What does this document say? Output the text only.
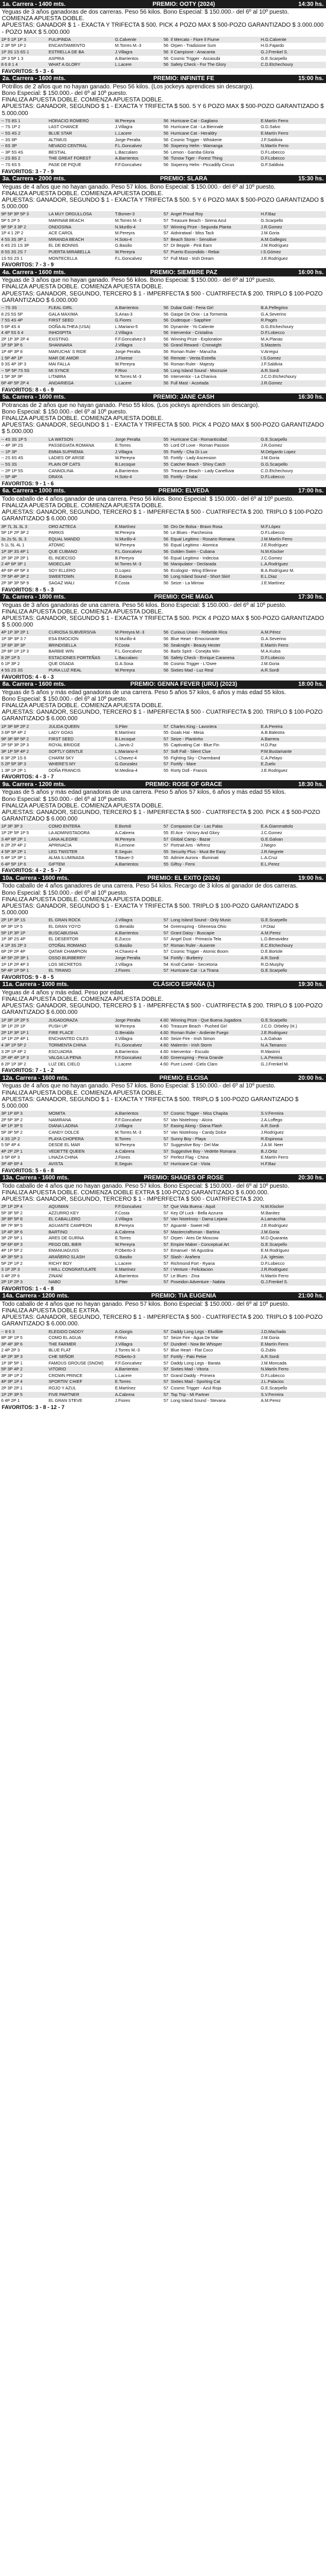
1a. Carrera - 1400 mts.	PREMIO: OOTY (2024)	14:30 hs.

Yeguas de 3 años ganadoras de dos carreras. Peso 56 kilos. Bono Especial: $ 150.000.- del 6º al 10º puesto.

COMIENZA APUESTA DOBLE.

APUESTAS: GANADOR $ 1 - EXACTA Y TRIFECTA $ 500. PICK 4 POZO MAX $ 500-POZO GARANTIZADO $ 3.000.000 - POZO MAX $ 5.000.000

1P 5 1P 1P 3	FULIPINDA	G.Calvente	56 Il Mercato - Fiore Il Fiume	H.G.Calvente
2 3P 5P 1P 2	ENCANTAMIENTO	M.Torres M.-3	56 Orpen - Tradizione Sum	H.G.Fajardo
1P 3S 1S 6S 1	ESTRELLA DE BA	J.Villagra	56 Il Campione - Anacanta	G.J.Frenkel S.
2P 3 5P 1 3	ASPRIA	A.Barrientos	56 Cosmic Trigger - Ascasubi	G.E.Scarpello
8 6 8 1 4	WHAT A GLORY	L.Lacere	56 Safety Check - For The Glory	C.D.Etchechoury
FAVORITOS: 5 - 3 - 6
2a. Carrera - 1600 mts.	PREMIO: INFINITE FE	15:00 hs.

Potrillos de 2 años que no hayan ganado. Peso 56 kilos. (Los jockeys aprendices sin descargo).

Bono Especial: $ 150.000.- del 6º al 10º puesto.

FINALIZA APUESTA DOBLE. COMIENZA APUESTA DOBLE.

APUESTAS: GANADOR, SEGUNDO $ 1 - EXACTA Y TRIFECTA $ 500. 5 Y 6 POZO MAX $ 500-POZO GARANTIZADO $ 5.000.000

-- 7S 8S 1	HORACIO ROMERO	W.Pereyra	56 Hurricane Cat - Gagliano	E.Martín Ferro
-- 7S 1P 2	LAST CHANCE	J.Villagra	56 Hurricane Cat - La Biennale	G.D.Salvo
-- 5S 4S 2	BLUE STAR	L.Lacere	56 Hurricane Cat - Heraldry	E.Martín Ferro
-- 3S 6P	ALTIMUS	Jorge Peralta	56 Cosmic Trigger - Whiskerie	J.F.Saldivia
-- 6S 3P	NEVADO CENTRAL	F.L.Goncalvez	56 Sixpenny Helm - Warnanga	N.Martín Ferro
-- 3P 5S 4S	BESTIAL	L.Baccalaro	56 Lemon - Gamba Gloria	D.F.Lobecco
-- 2S 8S 2	THE GREAT FOREST	A.Barrientos	56 Tiznow Tiger - Forest Thing	D.F.Lobecco
-- 7S 6S 5	PASE DE PIQUE	F.F.Goncalvez	56 Sixpenny Helm - Piccadilly Circus	G.F.Saldivia
FAVORITOS: 3 - 7 - 9
3a. Carrera - 2000 mts.	PREMIO: SLARA	15:30 hs.

Yeguas de 4 años que no hayan ganado. Peso 57 kilos. Bono Especial: $ 150.000.- del 6º al 10º puesto.

FINALIZA APUESTA DOBLE. COMIENZA APUESTA DOBLE.

APUESTAS: GANADOR, SEGUNDO $ 1 - EXACTA Y TRIFECTA $ 500. 5 Y 6 POZO MAX $ 500-POZO GARANTIZADO $ 5.000.000

9P 5P 9P 5P 3	LA MUY ORGULLOSA	T.Bomer-3	57 Angel Proud Roy	H.F.Baz
5P 5 2P 5	MARINAB BEACH	M.Torres M.-3	57 Treasure Beach - Sirena Azul	G.Scarpello
9P 5P 3 3P 2	ONDOSINA	N.Murillo-4	57 Winning Prize - Segunda Planta	J.R.Gomez
1P 4 1 2P 2	ACE CAROL	M.Pereyra	57 Aidniratwal - Miss Tack	J.M.Goria
4 5S 3S 3P 1	MIRANDA BEACH	H.Soto-4	57 Beach Storm - Sensitive	A.M.Gallegos
6 4S 2S 1S 3P	EL DE BONNIS	G.Basilio	57 Dr Bepple - Pink Earn	J.M.Rodríguez
8 5S 3S 2S 7	PUERTA MIRABELLA	W.Pereyra	57 Puerto Escondido - Rebai	I.S.Gómez
1S 5S 2S 1	MONTECELLA	F.L.Goncalvez	57 Full Mast - Irish Dream	J.E.Rodríguez
FAVORITOS: 7 - 3 - 9
4a. Carrera - 1600 mts.	PREMIO: SIEMBRE PAZ	16:00 hs.

Yeguas de 3 años que no hayan ganado. Peso 56 kilos. Bono Especial: $ 150.000.- del 6º al 10º puesto.

FINALIZA APUESTA DOBLE. COMIENZA APUESTA DOBLE.

APUESTAS: GANADOR, SEGUNDO, TERCERO $ 1 - IMPERFECTA $ 500 - CUATRIFECTA $ 200. TRIPLO $ 100-POZO GARANTIZADO $ 6.000.000

-- 7S 3S	FLEAL GIRL	A.Barrientos	56 Dubai Gold - Feria Girl	B.A.Pellegrino
8 2S 5S 5P	GALA MAXIMA	S.Arias-3	56 Gaspe De Onix - La Tormenta	G.A.Severino
7 5S 4S 4P	FIRST SEED	G.Fiores	56 Dudesque - Sapphire	R.Pagés
5 6P 4S 4	DOÑA ALTHEA (USA)	L.Mariano-5	56 Dynamite - Yo Caliente	G.G.Etchechoury
4 4P 5S 6 4	INHOSPITA	J.Villagra	56 Interventor - Cristalina	D.F.Lobecco
2P 1P 3P 2P 4	EXISTING	F.F.Goncalvez-3	56 Winning Prize - Exploration	M.A.Planas
1P 5P 3P 6	SHANNARA	J.Villagra	56 Grand Reward - Cronwight	S.Masteris
1P 4P 3P 8	MARUCHA' S RIDE	Jorge Peralta	56 Roman Ruler - Marucha	V.Arregui
1 5P 4P 1P	MAR DE AMOR	J.Fiorese	56 Remote - Venta Estrella	I.S.Gomez
9 3S 4P 3P 3	MAI FALLA	W.Pereyra	56 Roman Ruler - Majesty	J.F.Saldivia
-- 5P 5P 7S 5S	MI SYNCE	F.Rivo	56 Long Island Sound - Mocrozie	A.R.Sordi
1 5P 3P 3P	LITABRA	M.Torres M.-3	56 Interventor - La Chaniva	J.C.D.Etchechoury
6P 4P 5P 2P 4	ANDARIEGA	L.Lacere	56 Full Mast - Acortada	J.R.Gomez
FAVORITOS: 8 - 6 - 9
5a. Carrera - 1600 mts.	PREMIO: JANE CASH	16:30 hs.

Potrancas de 2 años que no hayan ganado. Peso 55 kilos. (Los jockeys aprendices sin descargo).

Bono Especial: $ 150.000.- del 6º al 10º puesto.

FINALIZA APUESTA DOBLE. COMIENZA APUESTA DOBLE.

APUESTAS: GANADOR, SEGUNDO $ 1 - EXACTA Y TRIFECTA $ 500. PICK 4 POZO MAX $ 500-POZO GARANTIZADO $ 5.000.000

-- 4S 3S 1P 5	LA WATSON	Jorge Peralta	55 Hurricane Cat - Romanticidad	G.E.Scarpello
-- 4P 3P 2S	PASSEGIATA ROMANA	E.Torres	55 Lord Of Love - Roman Passion	J.R.Gomez
-- 1P 3P	EMMA SUPREMA	J.Villagra	55 Fortify - Cha Di Lux	M.Delgardo Lopez
-- 2S 6S 4S	LADIES OF ARISE	W.Pereyra	55 Fortify - Lady Ascension	J.M.Goria
-- 5S 3S	PLAIN OF CATS	B.Lecoque	55 Catcher Beach - Shiny Catch	G.G.Scarpello
-- 2P 1P 5S	CANNOLINA	A.Barrientos	55 Treasure Beach - Lady Canelluva	C.D.Etchechoury
-- 5P 4P	DRAYA	H.Soto-4	55 Fortify - Dralai	D.F.Lobecco
FAVORITOS: 9 - 1 - 6
6a. Carrera - 1000 mts.	PREMIO: ELVEDA	17:00 hs.

Todo caballo de 4 años ganador de una carrera. Peso 56 kilos. Bono Especial: $ 150.000.- del 6º al 10º puesto.

FINALIZA APUESTA DOBLE. COMIENZA APUESTA DOBLE.

APUESTAS: GANADOR, SEGUNDO, TERCERO $ 1 - IMPERFECTA $ 500 - CUATRIFECTA $ 200. TRIPLO $ 100-POZO GARANTIZADO $ 6.000.000

3P 7L 3L 3L 3	ORO AZTECA	E.Martínez	56 Oro De Bolsa - Bravo Rosa	M.F.López
5P 1P 2P 3P 2	PARKIS	W.Pereyra	56 Le Blues - Parchesina	D.F.Lobecco
3s 2s 5L 3L 3	EQUAL MANDO	N.Murillo-4	56 Equal Legitimo - Rosario Romana	J.M.Martín Ferro
5 1L 5L 4L 1	ATOMIC	W.Pereyra	56 Equal Legitimo - Atomica	J.E.Rodríguez
1P 3P 3S 4P 1	QUE CUBANO	F.L.Goncalvez	56 Golden Swim - Cubana	N.M.Klocker
2P 3P 2P 2P 1	EL INDECISO	B.Pereyra	56 Equal Legitimo - Indecisa	J.C.Gomez
2 4P 6P 3P 1	MIDECLAR	M.Torres M.-3	56 Manipulator - Declarada	L.A.Rodríguez
4P 6P 4P 5P 3	SOY ELLERO	D.Lopez	56 Ecologist - Wing Ellerine	B.A.Rodríguez M.
7P 5P 4P 3P 2	SWEETOWN	E.Gaona	56 Long Island Sound - Short Skirt	E.L.Diaz
2P 3P 3P 5P 9	SAGAZ WALI	F.Costa	56 Seize - La Mirrow	J.E.Martínez
FAVORITOS: 8 - 5 - 3
7a. Carrera - 1800 mts.	PREMIO: CHE MAGA	17:30 hs.

Yeguas de 3 años ganadoras de una carrera. Peso 56 kilos. Bono Especial: $ 150.000.- del 6º al 10º puesto.

FINALIZA APUESTA DOBLE. COMIENZA APUESTA DOBLE.

APUESTAS: GANADOR, SEGUNDO $ 1 - EXACTA Y TRIFECTA $ 500. PICK 4 POZO MAX $ 500-POZO GARANTIZADO $ 5.000.000

4P 1P 3P 2P 1	CURIOSA SUBVERSIVA	M.Pereyra M.-3	56 Curious Union - Rebelde Rica	A.M.Pérez
1P 3P 3P 3 7	ESA EMOCION	N.Murillo-4	56 Blue Heart - Emocionante	G.A.Severino
1P 6P 3P 3P	BRINDISELLA	F.Costa	56 Seaknight - Beauty Hester	E.Martín Ferro
2P 8P 1P 1P 3	BARBIE WIN	F.L.Goncalvez	56 Barbi Spirit - Conejita Win	M.A.Kuloa
8 2P 1P 5	ESTACIONES PORTEÑAS	L.Baccalaro	56 Safety Check - Enrique Caranena	D.F.Lobecco
6 1P 3P 2	QUE OSADA	G.A.Sosa	56 Cosmic Trigger - L'Osee	J.M.Goria
4 5S 2S 3S	PURA LUZ REAL	W.Pereyra	56 Sixties Mad - Luz Real	A.R.Sordi
FAVORITOS: 4 - 6 - 3
8a. Carrera - 1600 mts.	PREMIO: GENNA FEVER (URU) (2023)	18:00 hs.

Yeguas de 5 años y más edad ganadoras de una carrera. Peso 5 años 57 kilos, 6 años y más edad 55 kilos.

Bono Especial: $ 150.000.- del 6º al 10º puesto.

FINALIZA APUESTA DOBLE. COMIENZA APUESTA DOBLE.

APUESTAS: GANADOR, SEGUNDO, TERCERO $ 1 - IMPERFECTA $ 500 - CUATRIFECTA $ 200. TRIPLO $ 100-POZO GARANTIZADO $ 6.000.000

1P 3P 6P 2P 2	JULIDA QUEEN	S.Piter	57 Charles King - Lavoriera	E.A.Pereira
3 6P 5P 4P 2	LADY GOAS	E.Martínez	55 Goals Hat - Mesa	A.B.Balestra
9P 3P 9P 5P 2	FIRST SEED	B.Lecoque	57 Seize - Plantinho	A.Barrera
2P 5P 3P 2P 3	ROYAL BRIDGE	L.Jarvis-2	55 Captivating Cat - Blue Fin	H.D.Paz
3P 1P 5P 4P 2	SOFTLY GENTLE	L.Mariano-4	57 Soft Fall - Silent Clue	P.M.Bustamante
8 3P 2P 1S 6	CHARM SKY	L.Chavez-4	55 Fighting Sky - Charmband	C.A.Pelayo
5 2P 5P 3P 3	WHERE'S MY	G.Gonzalez	57 Fortify - Mare	E.Zuelo
1 3P 1P 2P 1	DOÑA FRANCIS	M.Medina-4	55 Rorty Doll - Francis	J.E.Rodriguez
FAVORITOS: 4 - 3 - 7
9a. Carrera - 1200 mts.	PREMIO: ROSE OF GRACE	18:30 hs.

Yeguas de 5 años y más edad ganadoras de una carrera. Peso 5 años 57 kilos, 6 años y más edad 55 kilos.

Bono Especial: $ 150.000.- del 6º al 10º puesto.

FINALIZA APUESTA DOBLE. COMIENZA APUESTA DOBLE.

APUESTAS: GANADOR, SEGUNDO, TERCERO $ 1 - IMPERFECTA $ 500 - CUATRIFECTA $ 200. PICK 4 $ 500-POZO GARANTIZADO $ 6.000.000

1P 3P 3P 3	COMO ENTERA	E.Bortoli	57 Compasion Car - Las Palas	E.A.Giammattolo
1P 2P 5P 1P 5	LA ADMINISTADORA	A.Cabrera	55 El Ace - Victory And Glory	J.C.Gomez
3 4P 6P 2P 1	LANA ALEGRE	W.Pereyra	57 Global Camp - Bazar	G.E.Galvan
8 2P 2P 4P 2	APRINACIA	R.Lemone	57 Portrait Arts - Wfrenz	J.Negro
4 5P 3P 2P 1	LEG TWISTER	E.Seguin	55 Security Plus - Must Be Easy	J.R.Negrete
5 4P 1P 3P 1	ALMA ILUMINADA	T.Bauer-3	55 Admire Aurora - Illuminati	L.A.Cruz
6 4P 5P 1P 6	GIFTEM	A.Barrientos	55 Giftsy - Femi	E.L.Perez
FAVORITOS: 4 - 2 - 5 - 7
10a. Carrera - 1600 mts.	PREMIO: EL EXITO (2024)	19:00 hs.

Todo caballo de 4 años ganadores de una carrera. Peso 54 kilos. Recargo de 3 kilos al ganador de dos carreras.

Bono Especial: $ 150.000.- del 6º al 10º puesto.

FINALIZA APUESTA DOBLE. COMIENZA APUESTA DOBLE.

APUESTAS: GANADOR, SEGUNDO $ 1 - EXACTA Y TRIFECTA $ 500. TRIPLO $ 100-POZO GARANTIZADO $ 5.000.000

2P 1P 3P 1S	EL GRAN ROCK	J.Villagra	57 Long Island Sound - Only Music	G.E.Scarpello
6P 3P 1P 5	EL GRAN YOYO	G.Beraldo	54 Greenspring - Ghenesia Ohio	I.P.Diaz
5P 1P 3P 1P	BUSCABUSHA	A.Barrientos	57 Grant Daisy - Buscapie	A.M.Perez
1P 3P 2S 4P	EL DESERTOR	E.Zucco	57 Angel Dust - Primacía Tela	L.D.Benavidez
4 1P 3S 2P 3	OTOÑAL ROMANO	G.Basilio	57 Roman Ruler - Ausente	E.C.Etchechoury
6P 2P 2P 4P	QATAR CHAMPION	H.Chavez-4	57 Cosmic Trigger - Atomic Boom	D.E.Bortole
4P 5P 2P 3P 1	OSSO BURBERRY	Jorge Peralta	54 Fortify - Burberry	A.R.Sordi
1P 1P 2P 4P 3	LOS SECRETOS	J.Villagra	54 Knoll Cartier - Secretoria	R.O.Murphy
5P 4P 1P 5P 1	EL TIRANO	J.Fiores	57 Hurricane Cat - La Tirana	G.E.Scarpello
FAVORITOS: 9 - 8 - 5
11a. Carrera - 1000 mts.	CLÁSICO ESPAÑA (L)	19:30 hs.

Yeguas de 4 años y más edad. Peso por edad.

FINALIZA APUESTA DOBLE. COMIENZA APUESTA DOBLE.

APUESTAS: GANADOR, SEGUNDO, TERCERO $ 1 - IMPERFECTA $ 500 - CUATRIFECTA $ 200. TRIPLO $ 100-POZO GARANTIZADO $ 6.000.000

1P 3P 1P 2P 5	JUGADORAZA	Jorge Peralta	4.60 Winning Prize - Que Buena Jugadora	G.E.Scarpello
3P 1P 2P 1P	PUSH UP	W.Pereyra	4.60 Treasure Beach - Pushed Girl	J.C.D. Orbeley (H.)
2P 1P 3P 1P 1	FIRE PLACE	G.Beraldo	4.60 Roman Ruler - Ardiente Fuego	J.E.Rodriguez
1P 1P 2P 4P 1	ENCHANTED CILES	J.Villagra	4.60 Seize Fire - Irish Simon	L.A.Galvan
4 3P 1P 5P 2	TORMENTA CHINA	F.L.Goncalvez	4.60 Malerrón - Irish Storm	N.A.Tamanco
3 2P 1P 4P 2	ESCUADRA	A.Barrientos	4.60 Interventor - Escudo	R.Mastrini
2P 4P 4P 1P 3	VALGA LA PENA	F.F.Goncalvez	4.60 Greenspring - Pena Grande	L.A.Pereira
8 2P 1P 3P 2	LUZ DEL CIELO	L.Lacere	4.60 Pure Loved - Cielo Claro	G.J.Frenkel M.
FAVORITOS: 7 - 1 - 2
12a. Carrera - 1600 mts.	PREMIO: ELCISA	20:00 hs.

Yeguas de 4 años que no hayan ganado. Peso 57 kilos. Bono Especial: $ 150.000.- del 6º al 10º puesto.

FINALIZA APUESTA DOBLE. COMIENZA APUESTA DOBLE.

APUESTAS: GANADOR, SEGUNDO $ 1 - EXACTA Y TRIFECTA $ 500. TRIPLO $ 100-POZO GARANTIZADO $ 5.000.000

3P 1P 6P 3	MOMITA	A.Barrientos	57 Cosmic Trigger - Miss Chapita	S.V.Ferreira
2P 5P 3P 2	NAMIRANA	F.F.Goncalvez	57 Van Nistelrooy - Alcira	J.A.Loffego
4P 1P 3P 5	DIANA LADINA	J.Villagra	57 Easing Along - Diana Flash	A.R.Sordi
5P 3P 5P 2	CANDY DOLCE	M.Torres M.-3	57 Van Nistelrooy - Candy Dolce	J.Rodríguez
4 3S 1P 2	PLAYA CHOPERA	E.Torres	57 Sunny Boy - Playa	R.Espinosa
5 5P 4P 4	DESDE EL MAR	W.Pereyra	57 Suggestive Boy - Del Mar	J.A.M. Neer
4P 2P 2P 1	VEDETTE QUEEN	A.Cabrera	57 Suggestive Boy - Vedette Romana	B.J.Ortiz
3 5P 6P 3	LINAZA CHINA	J.Fiores	57 Perfect Flag - China	E.Martín Ferro
3P 4P 6P 4	AVISTA	E.Seguin	57 Hurricane Cat - Vista	H.F.Baz
FAVORITOS: 5 - 6 - 8
13a. Carrera - 1600 mts.	PREMIO: SHADES OF ROSE	20:30 hs.

Todo caballo de 4 años que no hayan ganado. Peso 57 kilos. Bono Especial: $ 150.000.- del 6º al 10º puesto.

FINALIZA APUESTA DOBLE. COMIENZA DOBLE EXTRA $ 100-POZO GARANTIZADO $ 6.000.000.

APUESTAS: GANADOR, SEGUNDO, TERCERO $ 1 - IMPERFECTA $ 500 - CUATRIFECTA $ 200.

2P 1P 2P 4	AQUIMAN	F.F.Goncalvez	57 Que Vida Buena - Aquit	N.M.Klocker
5P 3P 5P 2	AZZURRO KEY	F.Costa	57 Key Of Luck - Bella Azzurra	M.Banitez
3P 8P 5P 8	EL CABALLERO	J.Villagra	57 Van Nistelrooy - Dama Lejana	A.Lamacchia
8P 7P 9P 5	AGUANTE CAMPEON	B.Pereyra	57 Aguanté - Sweet Hill	J.E.Rodríguez
1P 4P 3P 6	BARTINO	A.Cabrera	57 Mastercraftsman - Bartina	J.M.Goria
3P 2P 5P 1	ARES DE GURNA	E.Torres	57 Orpen - Ares De Moscow	M.D.Quaranta
5P 6P 6P 3	PEGO DEL BIER	W.Pereyra	57 Empire Maker - Conceptual Art	G.E.Scarpello
4P 1P 5P 2	EMANUAGUSS	P.Oberto-3	57 Emanuel - Mi Agustina	E.M.Rodríguez
4P 3P 5P 3	ARAÑERO SLASH	G.Basilio	57 Slash - Arañera	J.A. Iglesias
5P 2P 1P 2	RICHY BOY	L.Lacere	57 Richmond Fort - Ryana	D.F.Lobecco
3 1P 2P 3	I WILL CONGRATULATE	E.Martínez	57 I Venture - Felicitacion	J.R.Rodriguez
3 4P 2P 6	ZINANÍ	A.Barrientos	57 Le Blues - Zina	N.Martín Ferro
2P 1P 2P 3	NABO	S.Piter	57 Poseidon Adventure - Nabita	G.J.Frenkel S.
FAVORITOS: 1 - 4 - 8
14a. Carrera - 1200 mts.	PREMIO: TIA EUGENIA	21:00 hs.

Todo caballo de 4 años que no hayan ganado. Peso 57 kilos. Bono Especial: $ 150.000.- del 6º al 10º puesto.

FINALIZA APUESTA DOBLE EXTRA.

APUESTAS: GANADOR, SEGUNDO, TERCERO $ 1 - IMPERFECTA $ 500 - CUATRIFECTA $ 200. TRIPLO $ 100-POZO GARANTIZADO $ 6.000.000.

-- 8 6 3	ELEGIDO DADDY	A.Giorgis	57 Daddy Long Legs - Eludible	J.D.Machado
8P 3P 1P 5	COMO EL AGUA	F.Rivo	57 Seize Fire - Agua De Mar	J.M.Goria
3P 4P 3P 6	THE FARMER	J.Villagra	57 Dundeel - Now Be Whisper	E.Martín Ferro
2 4P 2P 3	BLUE FLAT	J.Torres M.-3	57 Blue Heart - Flat Coco	G.Zublo
4P 2P 3P 3	CHE SEÑOR	P.Oberto-3	57 Fortify - Paki Pekie	A.R.Sordi
1P 3P 5P 1	FAMOUS GROUSE (SNOW)	F.F.Goncalvez	57 Daddy Long Legs - Barata	J.M.Moncada
5P 3P 4P 2	VITORIO	A.Barrientos	57 Sixties Mad - Vitoria	N.Martín Ferro
3P 3P 1P 2	CROWN PRINCE	L.Lacere	57 Grand Daddy - Primera	D.F.Lobecco
4P 3P 1P 4	SPORTIN' CHIEF	E.Torres	57 Sixties Mad - Sporting Cat	J.L.Palacios
2P 3P 2P 1	ROJO Y AZUL	E.Martínez	57 Cosmic Trigger - Azul Roja	G.E.Scarpello
1P 2P 3P 5	FIVE PARTNER	A.Cabrera	57 Top Trip - Mi Partner	S.V.Ferreira
6 4P 2P 1	EL GRAN STEVE	J.Fiores	57 Long Island Sound - Stevana	A.M.Perez
FAVORITOS: 3 - 8 - 12 - 7
